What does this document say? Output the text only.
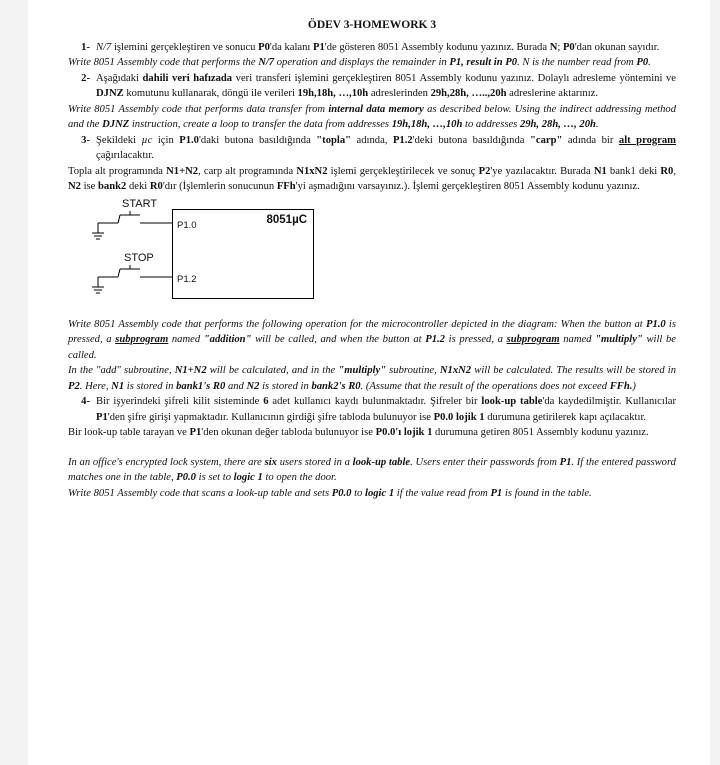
ÖDEV 3-HOMEWORK 3
1- N/7 işlemini gerçekleştiren ve sonucu P0'da kalanı P1'de gösteren 8051 Assembly kodunu yazınız. Burada N; P0'dan okunan sayıdır.

Write 8051 Assembly code that performs the N/7 operation and displays the remainder in P1, result in P0. N is the number read from P0.

2- Aşağıdaki dahili veri hafızada veri transferi işlemini gerçekleştiren 8051 Assembly kodunu yazınız. Dolaylı adresleme yöntemini ve DJNZ komutunu kullanarak, döngü ile verileri 19h,18h, …,10h adreslerinden 29h,28h, …..,20h adreslerine aktarınız.

Write 8051 Assembly code that performs data transfer from internal data memory as described below. Using the indirect addressing method and the DJNZ instruction, create a loop to transfer the data from addresses 19h,18h, …,10h to addresses 29h, 28h, …, 20h.

3- Şekildeki µc için P1.0'daki butona basıldığında "topla" adında, P1.2'deki butona basıldığında "carp" adında bir alt program çağırılacaktır.

Topla alt programında N1+N2, carp alt programında N1xN2 işlemi gerçekleştirilecek ve sonuç P2'ye yazılacaktır. Burada N1 bank1 deki R0, N2 ise bank2 deki R0'dır (İşlemlerin sonucunun FFh'yi aşmadığını varsayınız.). İşlemi gerçekleştiren 8051 Assembly kodunu yazınız.

START
STOP
8051µC
P1.0
P1.2

Write 8051 Assembly code that performs the following operation for the microcontroller depicted in the diagram: When the button at P1.0 is pressed, a subprogram named "addition" will be called, and when the button at P1.2 is pressed, a subprogram named "multiply" will be called.

In the "add" subroutine, N1+N2 will be calculated, and in the "multiply" subroutine, N1xN2 will be calculated. The results will be stored in P2. Here, N1 is stored in bank1's R0 and N2 is stored in bank2's R0. (Assume that the result of the operations does not exceed FFh.)

4- Bir işyerindeki şifreli kilit sisteminde 6 adet kullanıcı kaydı bulunmaktadır. Şifreler bir look-up table'da kaydedilmiştir. Kullanıcılar P1'den şifre girişi yapmaktadır. Kullanıcının girdiği şifre tabloda bulunuyor ise P0.0 lojik 1 durumuna getirilerek kapı açılacaktır.

Bir look-up table tarayan ve P1'den okunan değer tabloda bulunuyor ise P0.0'ı lojik 1 durumuna getiren 8051 Assembly kodunu yazınız.

In an office's encrypted lock system, there are six users stored in a look-up table. Users enter their passwords from P1. If the entered password matches one in the table, P0.0 is set to logic 1 to open the door.

Write 8051 Assembly code that scans a look-up table and sets P0.0 to logic 1 if the value read from P1 is found in the table.
